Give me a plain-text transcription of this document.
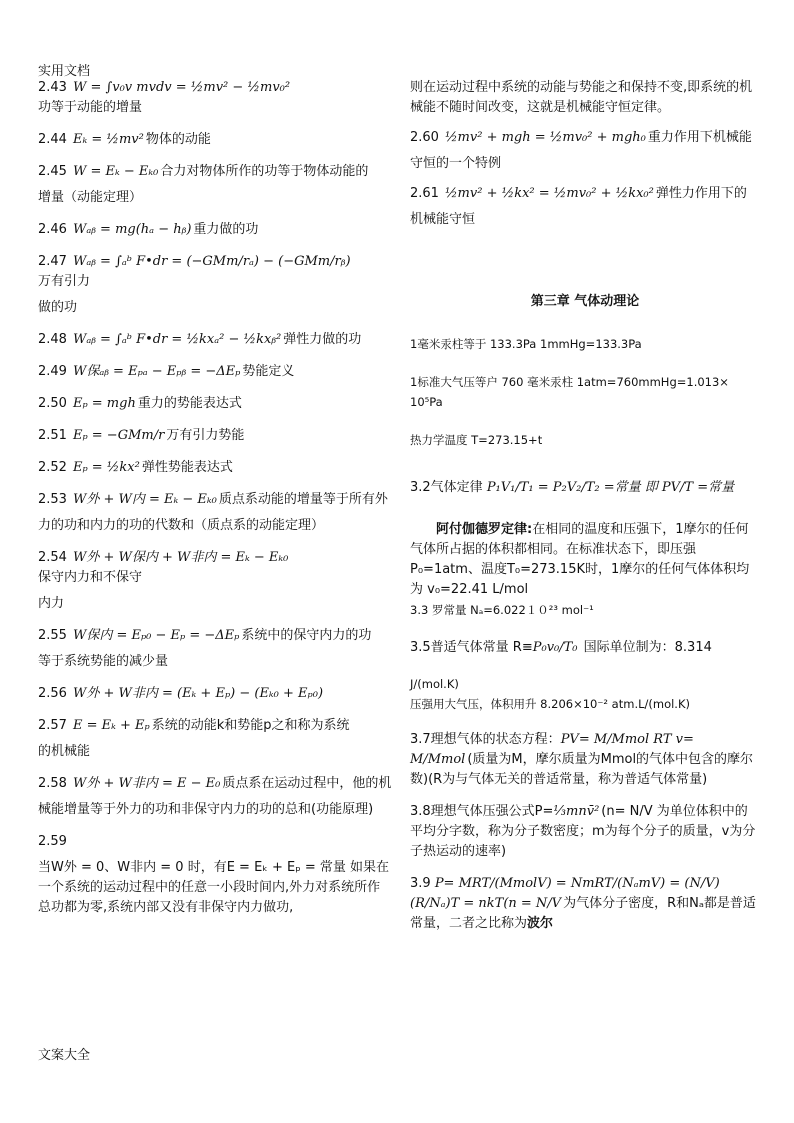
实用文档
2.43 W = ∫v₀v mvdv = ½mv² − ½mv₀²
功等于动能的增量
2.44 Eₖ = ½mv² 物体的动能
2.45 W = Eₖ − Eₖ₀ 合力对物体所作的功等于物体动能的
增量（动能定理）
2.46 Wₐᵦ = mg(hₐ − hᵦ) 重力做的功
2.47 Wₐᵦ = ∫ₐᵇ F•dr = (−GMm/rₐ) − (−GMm/rᵦ)
万有引力
做的功
2.48 Wₐᵦ = ∫ₐᵇ F•dr = ½kxₐ² − ½kxᵦ² 弹性力做的功
2.49 W保ₐᵦ = Eₚₐ − Eₚᵦ = −ΔEₚ 势能定义
2.50 Eₚ = mgh 重力的势能表达式
2.51 Eₚ = −GMm/r 万有引力势能
2.52 Eₚ = ½kx² 弹性势能表达式
2.53 W外 + W内 = Eₖ − Eₖ₀ 质点系动能的增量等于所有外
力的功和内力的功的代数和（质点系的动能定理）
2.54 W外 + W保内 + W非内 = Eₖ − Eₖ₀
保守内力和不保守
内力
2.55 W保内 = Eₚ₀ − Eₚ = −ΔEₚ 系统中的保守内力的功
等于系统势能的减少量
2.56 W外 + W非内 = (Eₖ + Eₚ) − (Eₖ₀ + Eₚ₀)
2.57 E = Eₖ + Eₚ 系统的动能k和势能p之和称为系统
的机械能
2.58 W外 + W非内 = E − E₀ 质点系在运动过程中，他的机
械能增量等于外力的功和非保守内力的功的总和(功能原理)
2.59
当W外 = 0、W非内 = 0 时，有E = Eₖ + Eₚ = 常量 如果在一个系统的运动过程中的任意一小段时间内,外力对系统所作总功都为零,系统内部又没有非保守内力做功,

则在运动过程中系统的动能与势能之和保持不变,即系统的机械能不随时间改变，这就是机械能守恒定律。

2.60 ½mv² + mgh = ½mv₀² + mgh₀ 重力作用下机械能
守恒的一个特例
2.61 ½mv² + ½kx² = ½mv₀² + ½kx₀² 弹性力作用下的
机械能守恒

第三章 气体动理论

1毫米汞柱等于 133.3Pa 1mmHg=133.3Pa

1标准大气压等户 760 毫米汞柱 1atm=760mmHg=1.013× 10⁵Pa

热力学温度 T=273.15+t

3.2气体定律 P₁V₁/T₁ = P₂V₂/T₂ =常量 即 PV/T =常量

阿付伽德罗定律:在相同的温度和压强下，1摩尔的任何气体所占据的体积都相同。在标准状态下，即压强P₀=1atm、温度T₀=273.15K时，1摩尔的任何气体体积均为 v₀=22.41 L/mol

3.3 罗常量 Nₐ=6.022１０²³ mol⁻¹

3.5普适气体常量 R≡P₀v₀/T₀ 国际单位制为：8.314

J/(mol.K)

压强用大气压，体积用升 8.206×10⁻² atm.L/(mol.K)

3.7理想气体的状态方程：PV= M/Mmol RT v= M/Mmol (质量为M，摩尔质量为Mmol的气体中包含的摩尔数)(R为与气体无关的普适常量，称为普适气体常量)

3.8理想气体压强公式P=⅓mnv̄² (n= N/V 为单位体积中的平均分字数，称为分子数密度；m为每个分子的质量，v为分子热运动的速率)

3.9 P= MRT/(MmolV) = NmRT/(NₐmV) = (N/V)(R/Nₐ)T = nkT(n = N/V 为气体分子密度，R和Nₐ都是普适常量，二者之比称为波尔

文案大全
